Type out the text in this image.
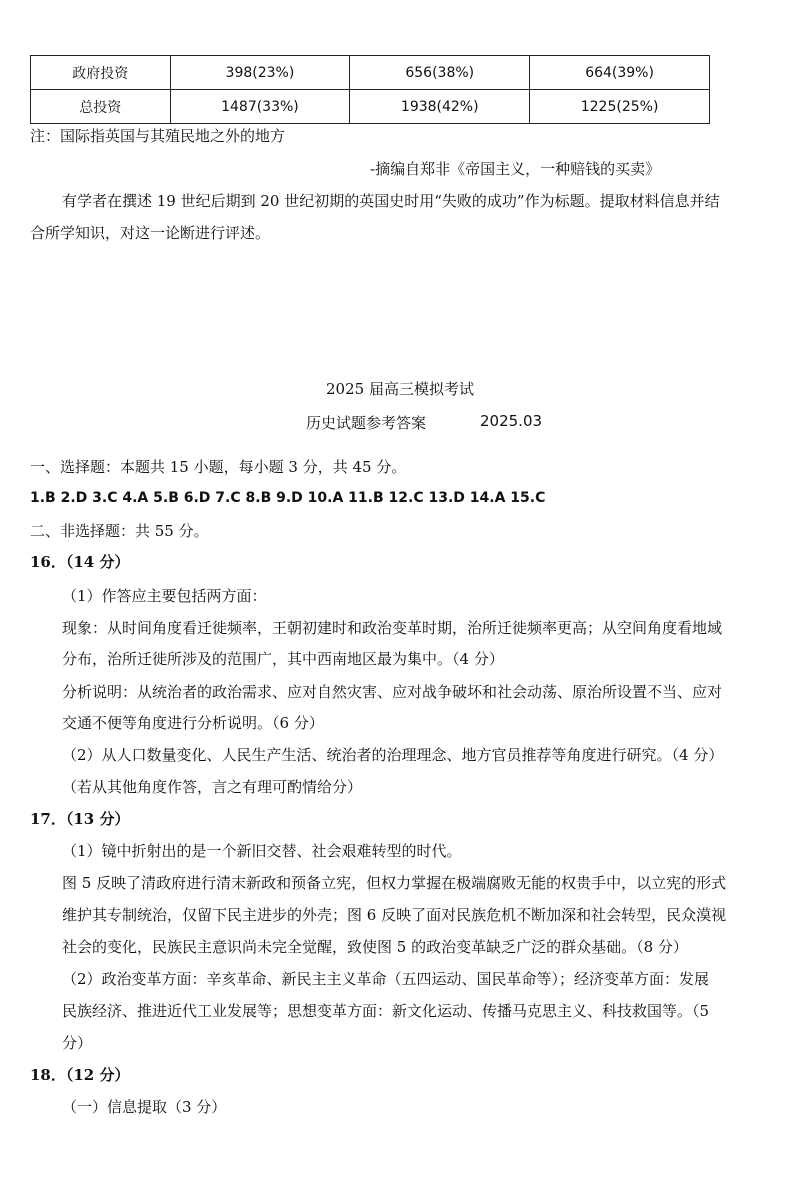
政府投资	398(23%)	656(38%)	664(39%)
总投资	1487(33%)	1938(42%)	1225(25%)
注：国际指英国与其殖民地之外的地方
-摘编自郑非《帝国主义，一种赔钱的买卖》
有学者在撰述 19 世纪后期到 20 世纪初期的英国史时用“失败的成功”作为标题。提取材料信息并结
合所学知识，对这一论断进行评述。
2025 届高三模拟考试
历史试题参考答案	2025.03
一、选择题：本题共 15 小题，每小题 3 分，共 45 分。
1.B 2.D 3.C 4.A 5.B 6.D 7.C 8.B 9.D 10.A 11.B 12.C 13.D 14.A 15.C
二、非选择题：共 55 分。
16．（14 分）
（1）作答应主要包括两方面：
现象：从时间角度看迁徙频率，王朝初建时和政治变革时期，治所迁徙频率更高；从空间角度看地域
分布，治所迁徙所涉及的范围广，其中西南地区最为集中。（4 分）
分析说明：从统治者的政治需求、应对自然灾害、应对战争破坏和社会动荡、原治所设置不当、应对
交通不便等角度进行分析说明。（6 分）
（2）从人口数量变化、人民生产生活、统治者的治理理念、地方官员推荐等角度进行研究。（4 分）
（若从其他角度作答，言之有理可酌情给分）
17．（13 分）
（1）镜中折射出的是一个新旧交替、社会艰难转型的时代。
图 5 反映了清政府进行清末新政和预备立宪，但权力掌握在极端腐败无能的权贵手中，以立宪的形式
维护其专制统治，仅留下民主进步的外壳；图 6 反映了面对民族危机不断加深和社会转型，民众漠视
社会的变化，民族民主意识尚未完全觉醒，致使图 5 的政治变革缺乏广泛的群众基础。（8 分）
（2）政治变革方面：辛亥革命、新民主主义革命（五四运动、国民革命等）；经济变革方面：发展
民族经济、推进近代工业发展等；思想变革方面：新文化运动、传播马克思主义、科技救国等。（5
分）
18．（12 分）
（一）信息提取（3 分）
